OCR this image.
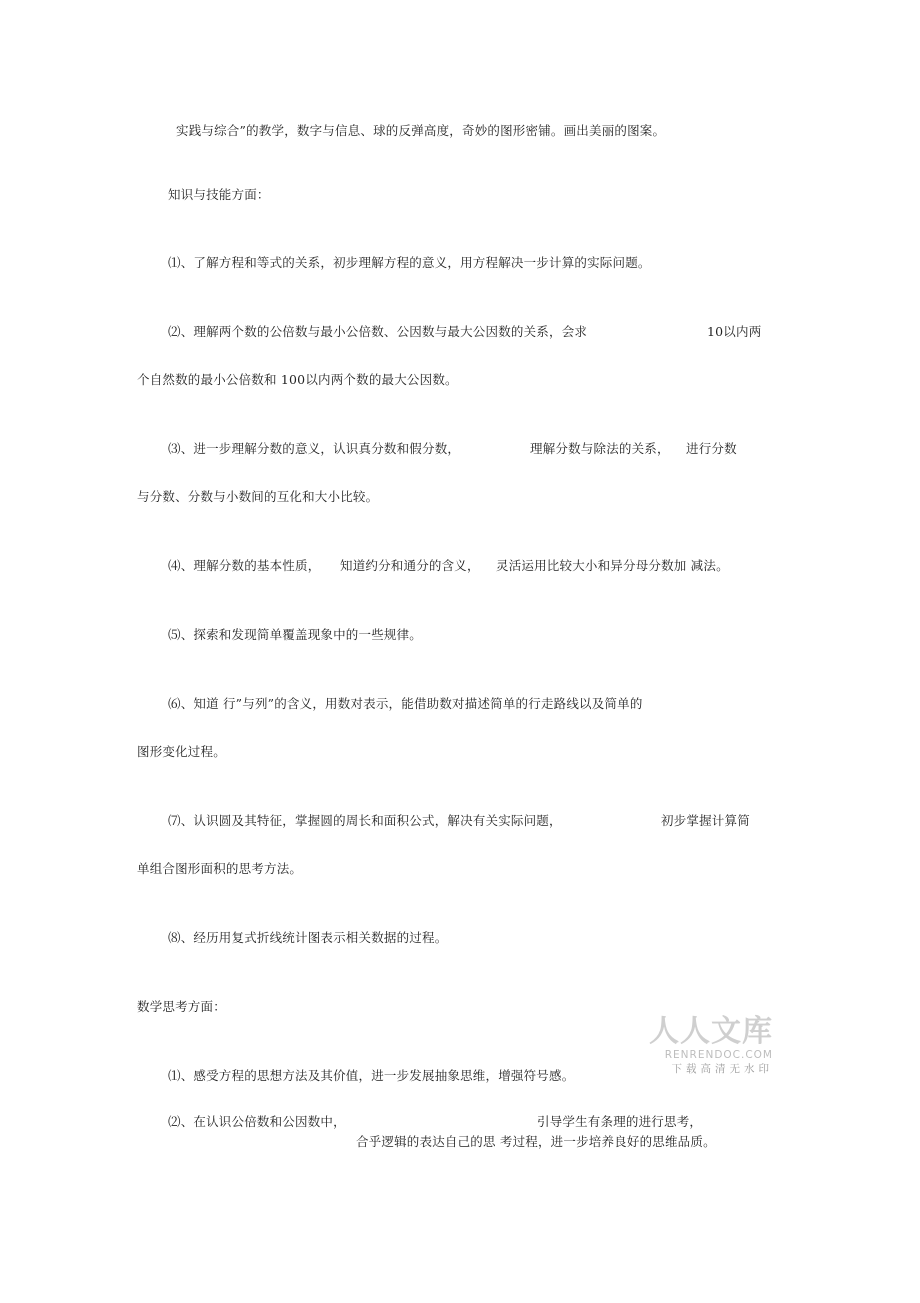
实践与综合”的教学，数字与信息、球的反弹高度，奇妙的图形密铺。画出美丽的图案。
知识与技能方面：
⑴、了解方程和等式的关系，初步理解方程的意义，用方程解决一步计算的实际问题。
⑵、理解两个数的公倍数与最小公倍数、公因数与最大公因数的关系，会求	10以内两
个自然数的最小公倍数和 100以内两个数的最大公因数。
⑶、进一步理解分数的意义，认识真分数和假分数，	理解分数与除法的关系， 进行分数
与分数、分数与小数间的互化和大小比较。
⑷、理解分数的基本性质， 知道约分和通分的含义， 灵活运用比较大小和异分母分数加 减法。
⑸、探索和发现简单覆盖现象中的一些规律。
⑹、知道 行”与列”的含义，用数对表示，能借助数对描述简单的行走路线以及简单的
图形变化过程。
⑺、认识圆及其特征，掌握圆的周长和面积公式，解决有关实际问题，	初步掌握计算简
单组合图形面积的思考方法。
⑻、经历用复式折线统计图表示相关数据的过程。
数学思考方面：
⑴、感受方程的思想方法及其价值，进一步发展抽象思维，增强符号感。
⑵、在认识公倍数和公因数中，	引导学生有条理的进行思考，
合乎逻辑的表达自己的思 考过程，进一步培养良好的思维品质。
人人文库
RENRENDOC.COM
下载高清无水印
